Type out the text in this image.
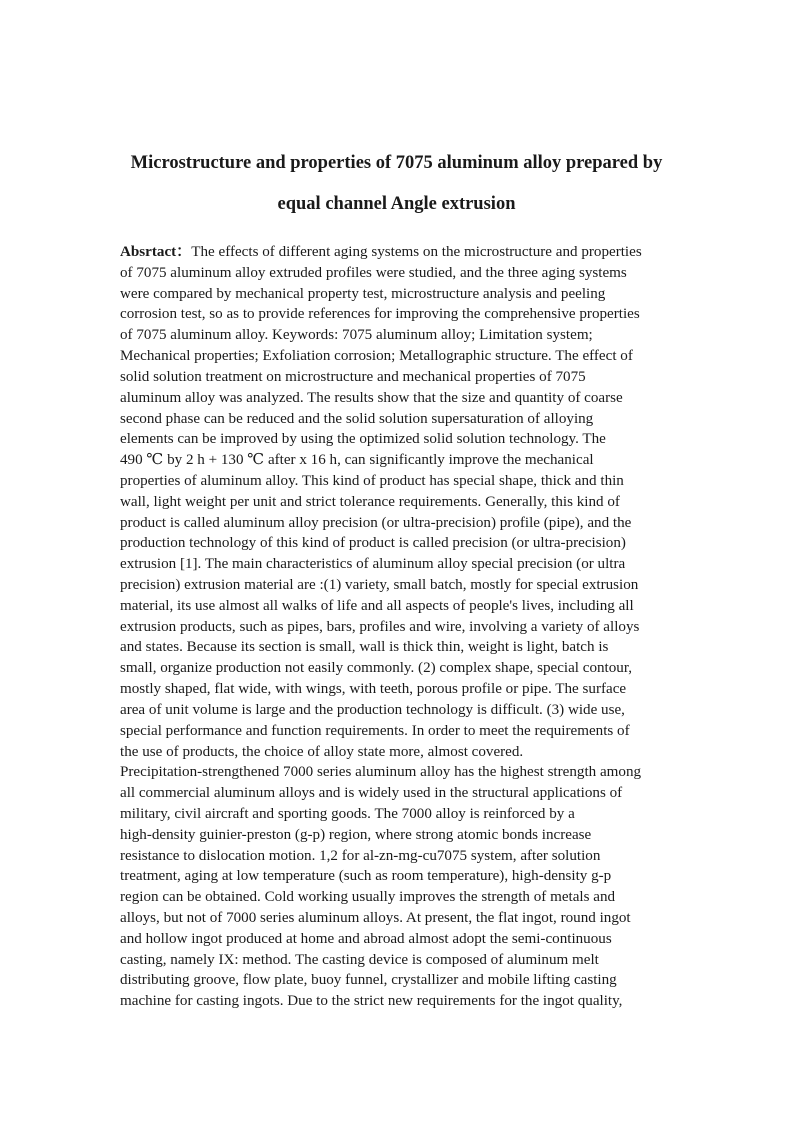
Microstructure and properties of 7075 aluminum alloy prepared by
equal channel Angle extrusion

Absrtact：The effects of different aging systems on the microstructure and properties
of 7075 aluminum alloy extruded profiles were studied, and the three aging systems
were compared by mechanical property test, microstructure analysis and peeling
corrosion test, so as to provide references for improving the comprehensive properties
of 7075 aluminum alloy. Keywords: 7075 aluminum alloy; Limitation system;
Mechanical properties; Exfoliation corrosion; Metallographic structure. The effect of
solid solution treatment on microstructure and mechanical properties of 7075
aluminum alloy was analyzed. The results show that the size and quantity of coarse
second phase can be reduced and the solid solution supersaturation of alloying
elements can be improved by using the optimized solid solution technology. The
490 ℃ by 2 h + 130 ℃ after x 16 h, can significantly improve the mechanical
properties of aluminum alloy. This kind of product has special shape, thick and thin
wall, light weight per unit and strict tolerance requirements. Generally, this kind of
product is called aluminum alloy precision (or ultra-precision) profile (pipe), and the
production technology of this kind of product is called precision (or ultra-precision)
extrusion [1]. The main characteristics of aluminum alloy special precision (or ultra
precision) extrusion material are :(1) variety, small batch, mostly for special extrusion
material, its use almost all walks of life and all aspects of people's lives, including all
extrusion products, such as pipes, bars, profiles and wire, involving a variety of alloys
and states. Because its section is small, wall is thick thin, weight is light, batch is
small, organize production not easily commonly. (2) complex shape, special contour,
mostly shaped, flat wide, with wings, with teeth, porous profile or pipe. The surface
area of unit volume is large and the production technology is difficult. (3) wide use,
special performance and function requirements. In order to meet the requirements of
the use of products, the choice of alloy state more, almost covered.
Precipitation-strengthened 7000 series aluminum alloy has the highest strength among
all commercial aluminum alloys and is widely used in the structural applications of
military, civil aircraft and sporting goods. The 7000 alloy is reinforced by a
high-density guinier-preston (g-p) region, where strong atomic bonds increase
resistance to dislocation motion. 1,2 for al-zn-mg-cu7075 system, after solution
treatment, aging at low temperature (such as room temperature), high-density g-p
region can be obtained. Cold working usually improves the strength of metals and
alloys, but not of 7000 series aluminum alloys. At present, the flat ingot, round ingot
and hollow ingot produced at home and abroad almost adopt the semi-continuous
casting, namely IX: method. The casting device is composed of aluminum melt
distributing groove, flow plate, buoy funnel, crystallizer and mobile lifting casting
machine for casting ingots. Due to the strict new requirements for the ingot quality,
